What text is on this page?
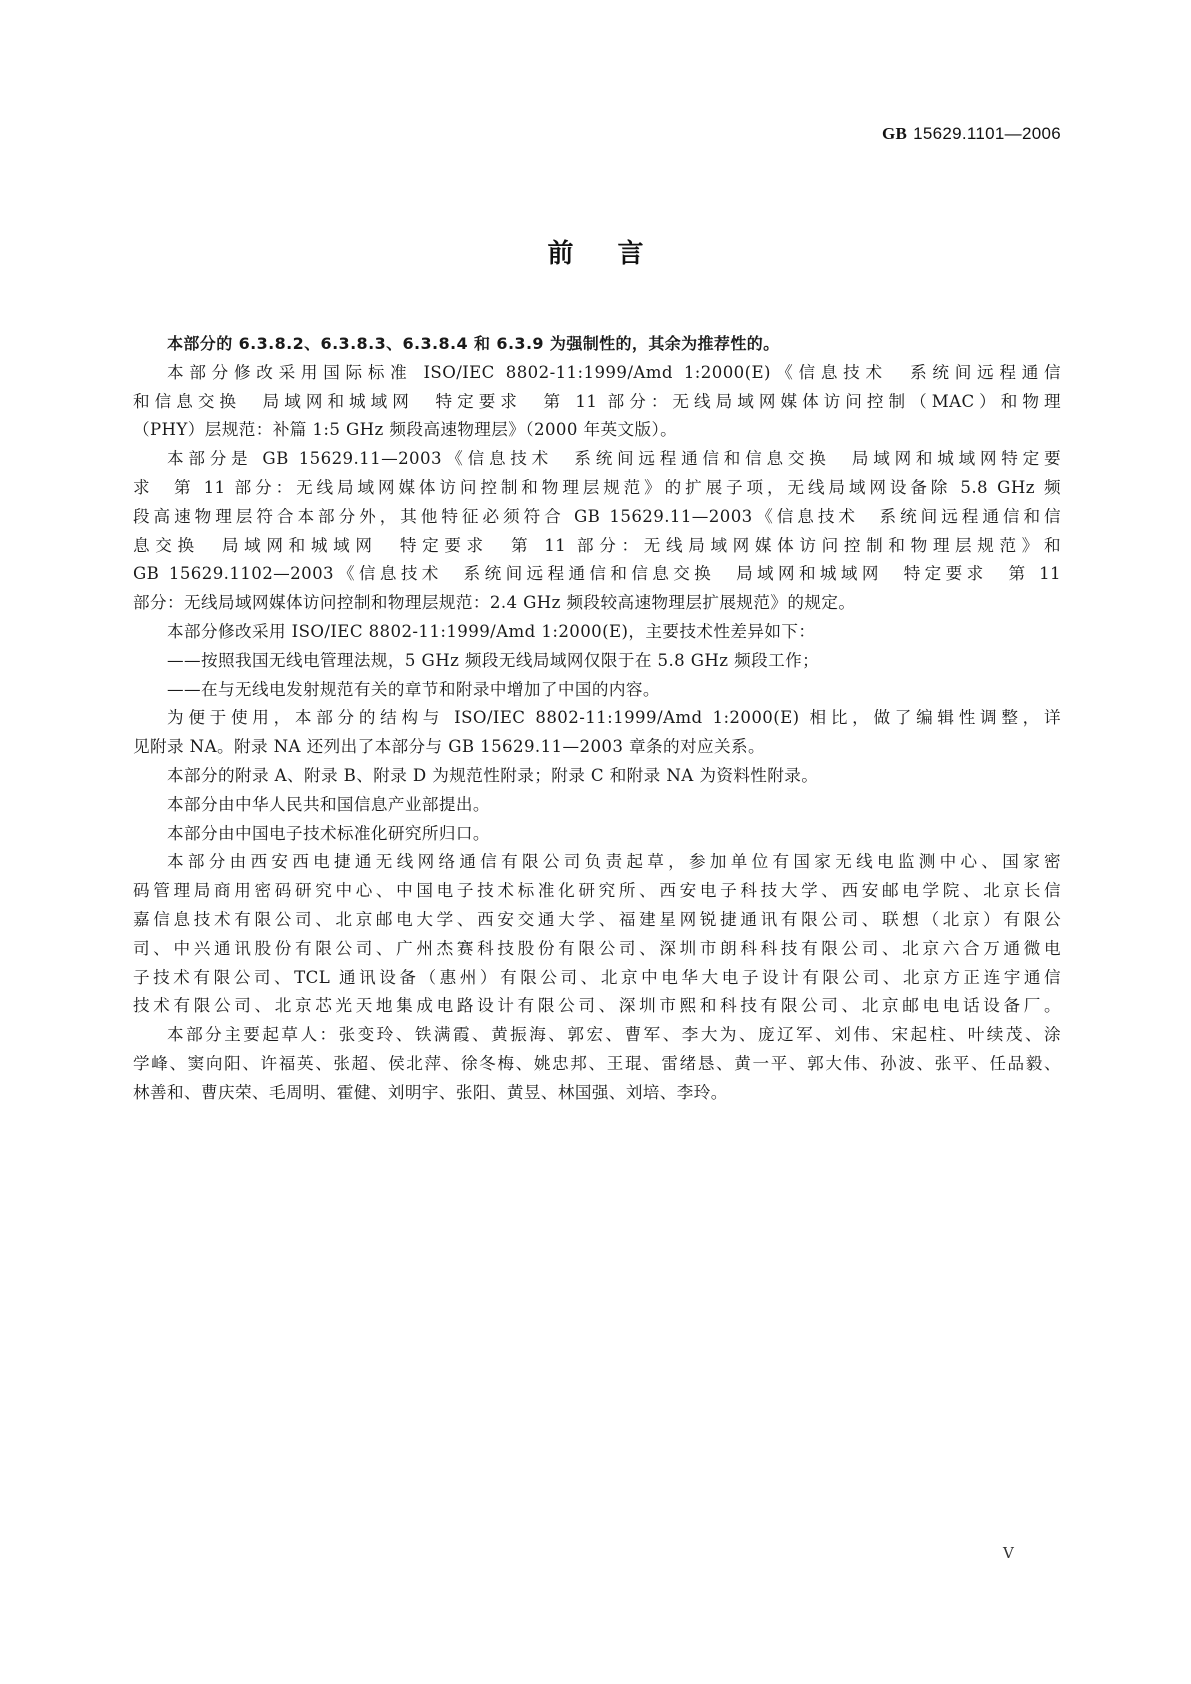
GB 15629.1101—2006
前言
本部分的 6.3.8.2、6.3.8.3、6.3.8.4 和 6.3.9 为强制性的，其余为推荐性的。
本部分修改采用国际标准 ISO/IEC 8802-11:1999/Amd 1:2000(E)《信息技术　系统间远程通信
和信息交换　局域网和城域网　特定要求　第 11 部分：无线局域网媒体访问控制（MAC）和物理
（PHY）层规范：补篇 1:5 GHz 频段高速物理层》（2000 年英文版）。
本部分是 GB 15629.11—2003《信息技术　系统间远程通信和信息交换　局域网和城域网特定要
求　第 11 部分：无线局域网媒体访问控制和物理层规范》的扩展子项，无线局域网设备除 5.8 GHz 频
段高速物理层符合本部分外，其他特征必须符合 GB 15629.11—2003《信息技术　系统间远程通信和信
息交换　局域网和城域网　特定要求　第 11 部分：无线局域网媒体访问控制和物理层规范》和
GB 15629.1102—2003《信息技术　系统间远程通信和信息交换　局域网和城域网　特定要求　第 11
部分：无线局域网媒体访问控制和物理层规范：2.4 GHz 频段较高速物理层扩展规范》的规定。
本部分修改采用 ISO/IEC 8802-11:1999/Amd 1:2000(E)，主要技术性差异如下：
——按照我国无线电管理法规，5 GHz 频段无线局域网仅限于在 5.8 GHz 频段工作；
——在与无线电发射规范有关的章节和附录中增加了中国的内容。
为便于使用，本部分的结构与 ISO/IEC 8802-11:1999/Amd 1:2000(E) 相比，做了编辑性调整，详
见附录 NA。附录 NA 还列出了本部分与 GB 15629.11—2003 章条的对应关系。
本部分的附录 A、附录 B、附录 D 为规范性附录；附录 C 和附录 NA 为资料性附录。
本部分由中华人民共和国信息产业部提出。
本部分由中国电子技术标准化研究所归口。
本部分由西安西电捷通无线网络通信有限公司负责起草，参加单位有国家无线电监测中心、国家密
码管理局商用密码研究中心、中国电子技术标准化研究所、西安电子科技大学、西安邮电学院、北京长信
嘉信息技术有限公司、北京邮电大学、西安交通大学、福建星网锐捷通讯有限公司、联想（北京）有限公
司、中兴通讯股份有限公司、广州杰赛科技股份有限公司、深圳市朗科科技有限公司、北京六合万通微电
子技术有限公司、TCL 通讯设备（惠州）有限公司、北京中电华大电子设计有限公司、北京方正连宇通信
技术有限公司、北京芯光天地集成电路设计有限公司、深圳市熙和科技有限公司、北京邮电电话设备厂。
本部分主要起草人：张变玲、铁满霞、黄振海、郭宏、曹军、李大为、庞辽军、刘伟、宋起柱、叶续茂、涂
学峰、窦向阳、许福英、张超、侯北萍、徐冬梅、姚忠邦、王琨、雷绪恳、黄一平、郭大伟、孙波、张平、任品毅、
林善和、曹庆荣、毛周明、霍健、刘明宇、张阳、黄昱、林国强、刘培、李玲。
V
